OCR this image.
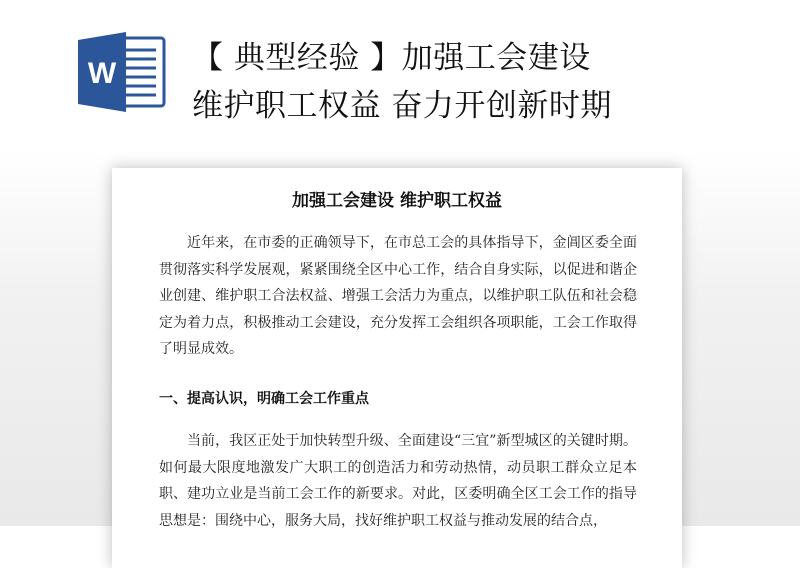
W 【 典型经验 】加强工会建设
维护职工权益 奋力开创新时期
加强工会建设 维护职工权益

近年来，在市委的正确领导下，在市总工会的具体指导下，金阊区委全面贯彻落实科学发展观，紧紧围绕全区中心工作，结合自身实际，以促进和谐企业创建、维护职工合法权益、增强工会活力为重点，以维护职工队伍和社会稳定为着力点，积极推动工会建设，充分发挥工会组织各项职能，工会工作取得了明显成效。

一、提高认识，明确工会工作重点

当前，我区正处于加快转型升级、全面建设“三宜”新型城区的关键时期。如何最大限度地激发广大职工的创造活力和劳动热情，动员职工群众立足本职、建功立业是当前工会工作的新要求。对此，区委明确全区工会工作的指导思想是：围绕中心，服务大局，找好维护职工权益与推动发展的结合点，
